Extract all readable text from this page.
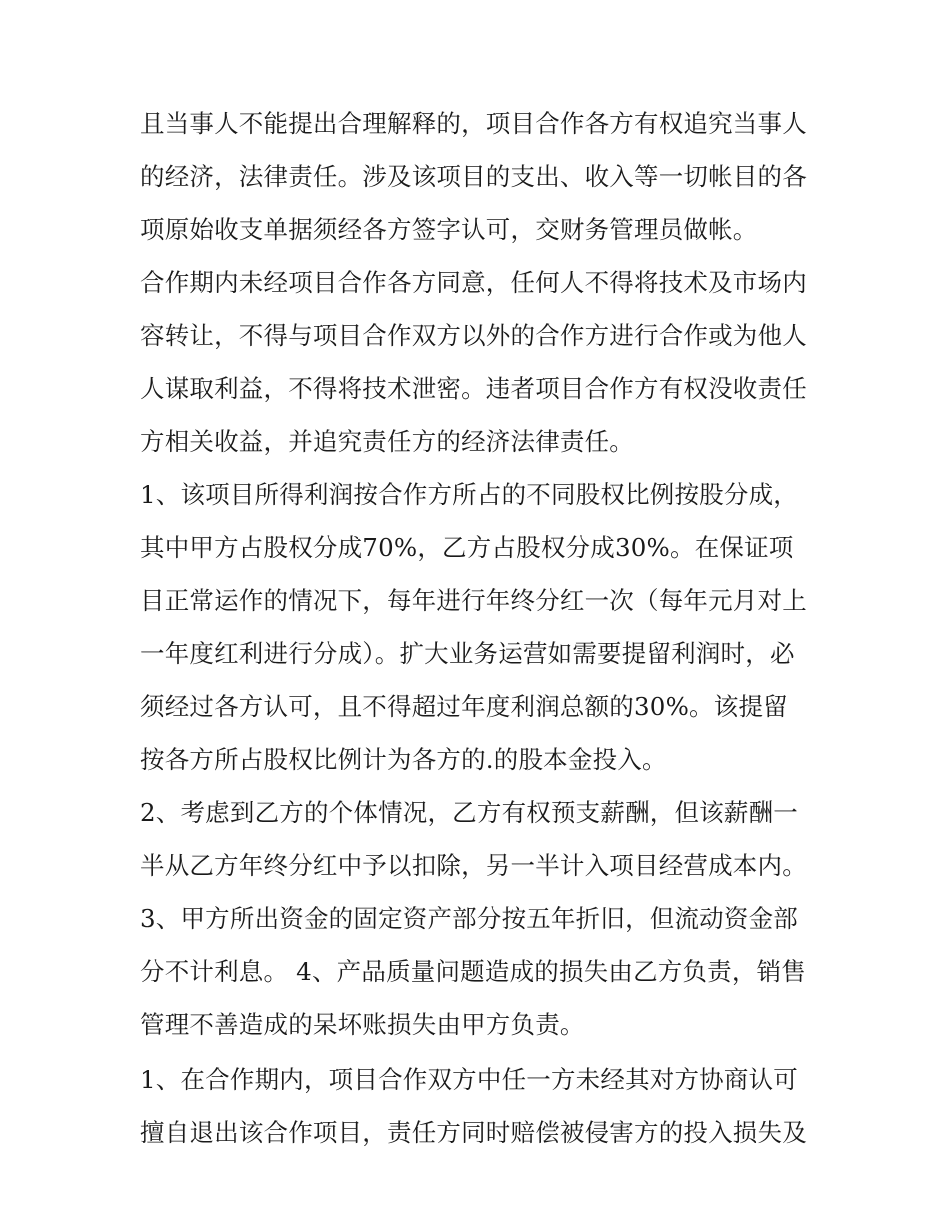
且当事人不能提出合理解释的，项目合作各方有权追究当事人
的经济，法律责任。涉及该项目的支出、收入等一切帐目的各
项原始收支单据须经各方签字认可，交财务管理员做帐。
合作期内未经项目合作各方同意，任何人不得将技术及市场内
容转让，不得与项目合作双方以外的合作方进行合作或为他人
人谋取利益，不得将技术泄密。违者项目合作方有权没收责任
方相关收益，并追究责任方的经济法律责任。
1、该项目所得利润按合作方所占的不同股权比例按股分成，
其中甲方占股权分成70%，乙方占股权分成30%。在保证项
目正常运作的情况下，每年进行年终分红一次（每年元月对上
一年度红利进行分成）。扩大业务运营如需要提留利润时，必
须经过各方认可，且不得超过年度利润总额的30%。该提留
按各方所占股权比例计为各方的.的股本金投入。
2、考虑到乙方的个体情况，乙方有权预支薪酬，但该薪酬一
半从乙方年终分红中予以扣除，另一半计入项目经营成本内。
3、甲方所出资金的固定资产部分按五年折旧，但流动资金部
分不计利息。 4、产品质量问题造成的损失由乙方负责，销售
管理不善造成的呆坏账损失由甲方负责。
1、在合作期内，项目合作双方中任一方未经其对方协商认可
擅自退出该合作项目，责任方同时赔偿被侵害方的投入损失及
